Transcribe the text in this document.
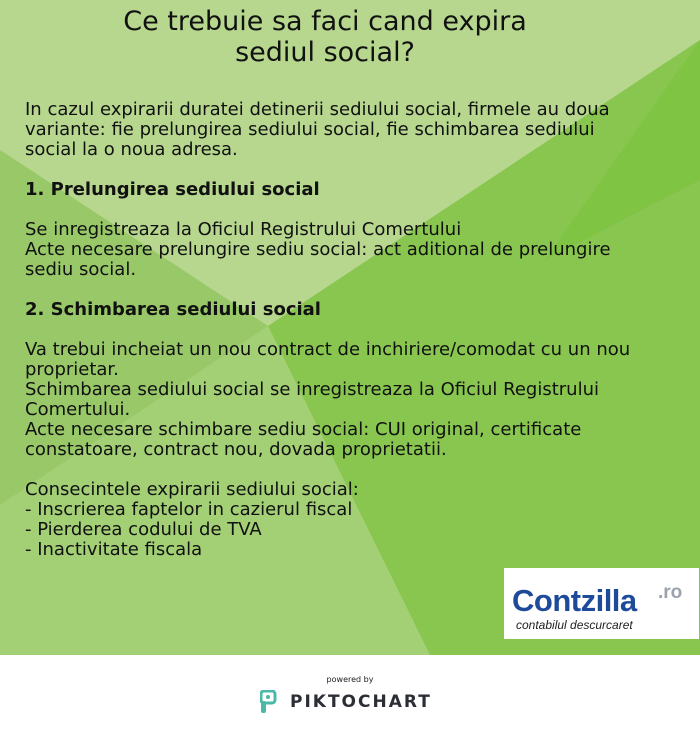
Ce trebuie sa faci cand expira sediul social?

In cazul expirarii duratei detinerii sediului social, firmele au doua variante: fie prelungirea sediului social, fie schimbarea sediului social la o noua adresa.

1. Prelungirea sediului social

Se inregistreaza la Oficiul Registrului Comertului

Acte necesare prelungire sediu social: act aditional de prelungire sediu social.

2. Schimbarea sediului social

Va trebui incheiat un nou contract de inchiriere/comodat cu un nou proprietar.

Schimbarea sediului social se inregistreaza la Oficiul Registrului Comertului.

Acte necesare schimbare sediu social: CUI original, certificate constatoare, contract nou, dovada proprietatii.

Consecintele expirarii sediului social:

- Inscrierea faptelor in cazierul fiscal
- Pierderea codului de TVA
- Inactivitate fiscala
Contzilla .ro
contabilul descurcaret
powered by
PIKTOCHART
